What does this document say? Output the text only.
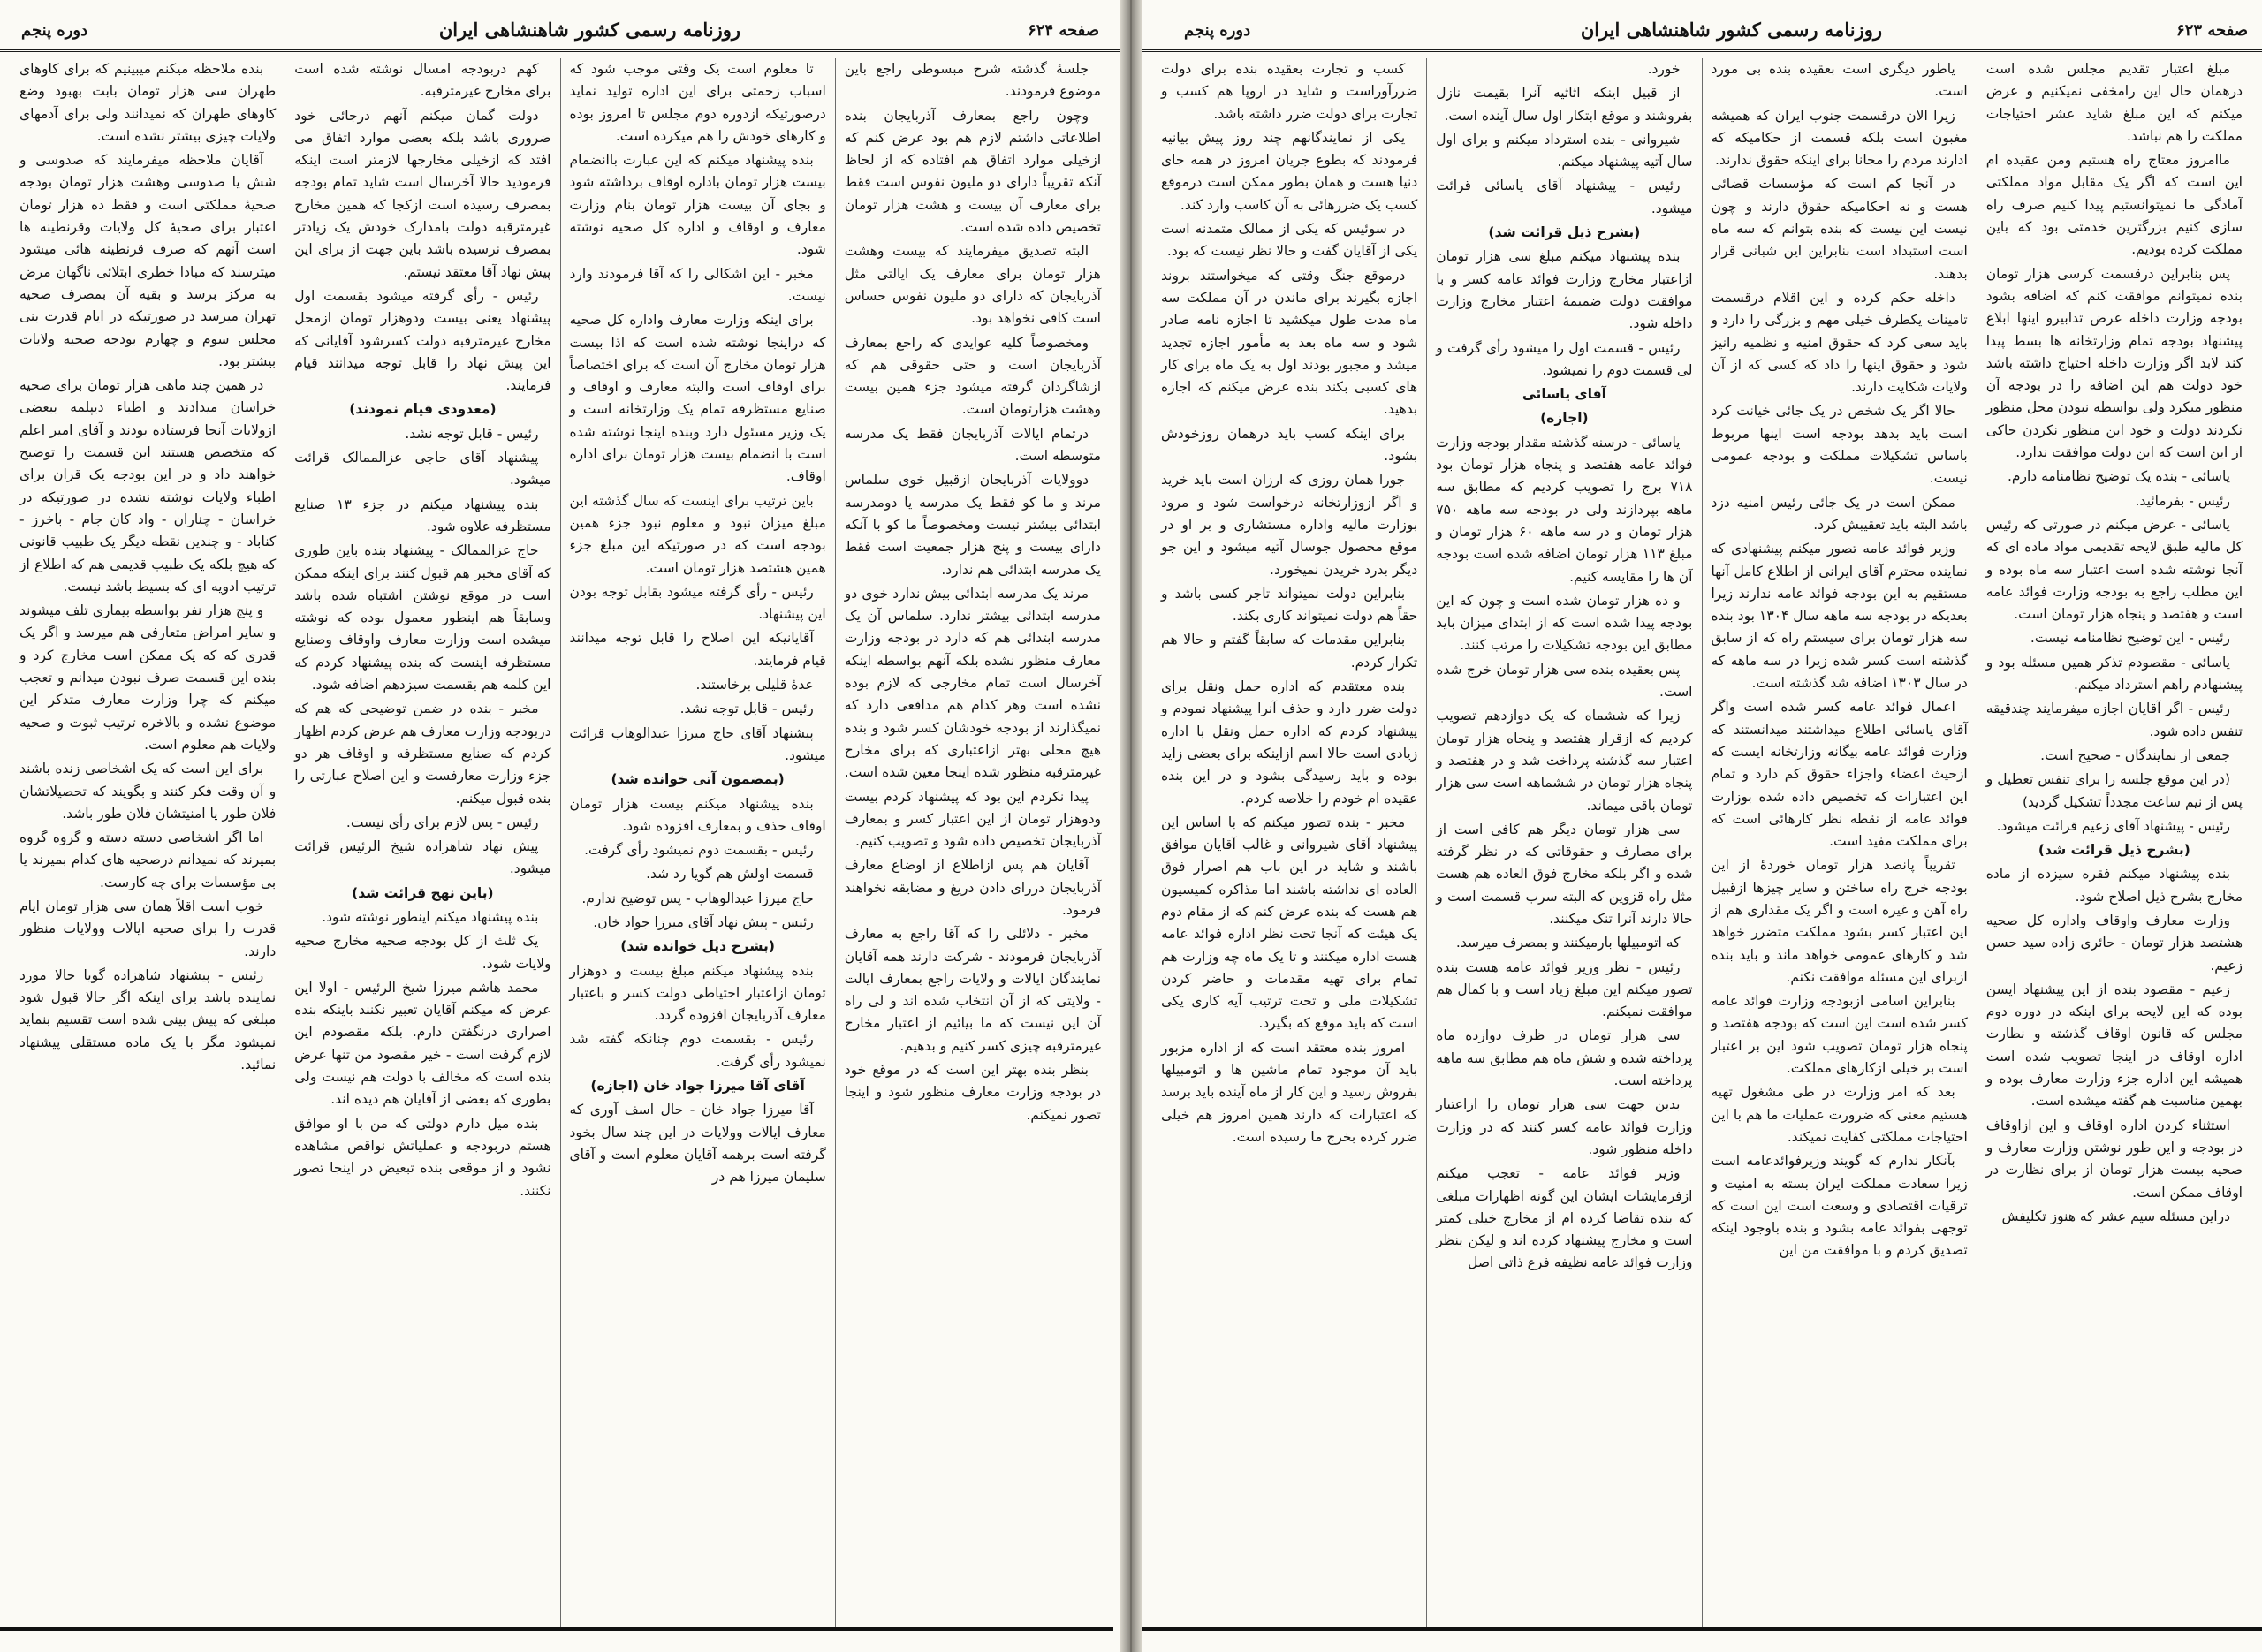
صفحه ۶۲۴
روزنامه رسمی کشور شاهنشاهی ایران
دوره پنجم

جلسهٔ گذشته شرح مبسوطی راجع باین موضوع فرمودند.

وچون راجع بمعارف آذربایجان بنده اطلاعاتی داشتم لازم هم بود عرض کنم که ازخیلی موارد اتفاق هم افتاده که از لحاظ آنکه تقریباً دارای دو ملیون نفوس است فقط برای معارف آن بیست و هشت هزار تومان تخصیص داده شده است.

البته تصدیق میفرمایند که بیست وهشت هزار تومان برای معارف یک ایالتی مثل آذربایجان که دارای دو ملیون نفوس حساس است کافی نخواهد بود.

ومخصوصاً کلیه عوایدی که راجع بمعارف آذربایجان است و حتی حقوقی هم که ازشاگردان گرفته میشود جزء همین بیست وهشت هزارتومان است.

درتمام ایالات آذربایجان فقط یک مدرسه متوسطه است.

دوولایات آذربایجان ازقبیل خوی سلماس مرند و ما کو فقط یک مدرسه یا دومدرسه ابتدائی بیشتر نیست ومخصوصاً ما کو با آنکه دارای بیست و پنج هزار جمعیت است فقط یک مدرسه ابتدائی هم ندارد.

مرند یک مدرسه ابتدائی بیش ندارد خوی دو مدرسه ابتدائی بیشتر ندارد. سلماس آن یک مدرسه ابتدائی هم که دارد در بودجه وزارت معارف منظور نشده بلکه آنهم بواسطه اینکه آخرسال است تمام مخارجی که لازم بوده نشده است وهر کدام هم مدافعی دارد که نمیگذارند از بودجه خودشان کسر شود و بنده هیچ محلی بهتر ازاعتباری که برای مخارج غیرمترقبه منظور شده اینجا معین شده است.

پیدا نکردم این بود که پیشنهاد کردم بیست ودوهزار تومان از این اعتبار کسر و بمعارف آذربایجان تخصیص داده شود و تصویب کنیم.

آقایان هم پس ازاطلاع از اوضاع معارف آذربایجان دررای دادن دریغ و مضایقه نخواهند فرمود.

مخبر - دلائلی را که آقا راجع به معارف آذربایجان فرمودند - شرکت دارند همه آقایان نمایندگان ایالات و ولایات راجع بمعارف ایالت - ولایتی که از آن انتخاب شده اند و لی راه آن این نیست که ما بیائیم از اعتبار مخارج غیرمترقبه چیزی کسر کنیم و بدهیم.

بنظر بنده بهتر این است که در موقع خود در بودجه وزارت معارف منظور شود و اینجا تصور نمیکنم.

تا معلوم است یک وقتی موجب شود که اسباب زحمتی برای این اداره تولید نماید درصورتیکه ازدوره دوم مجلس تا امروز بوده و کارهای خودش را هم میکرده است.

بنده پیشنهاد میکنم که این عبارت باانضمام بیست هزار تومان باداره اوقاف برداشته شود و بجای آن بیست هزار تومان بنام وزارت معارف و اوقاف و اداره کل صحیه نوشته شود.

مخبر - این اشکالی را که آقا فرمودند وارد نیست.

برای اینکه وزارت معارف واداره کل صحیه که دراینجا نوشته شده است که اذا بیست هزار تومان مخارج آن است که برای اختصاصاً برای اوقاف است والبته معارف و اوقاف و صنایع مستظرفه تمام یک وزارتخانه است و یک وزیر مسئول دارد وبنده اینجا نوشته شده است با انضمام بیست هزار تومان برای اداره اوقاف.

باین ترتیب برای اینست که سال گذشته این مبلغ میزان نبود و معلوم نبود جزء همین بودجه است که در صورتیکه این مبلغ جزء همین هشتصد هزار تومان است.

رئیس - رأی گرفته میشود بقابل توجه بودن این پیشنهاد.

آقایانیکه این اصلاح را قابل توجه میدانند قیام فرمایند.

عدهٔ قلیلی برخاستند.

رئیس - قابل توجه نشد.

پیشنهاد آقای حاج میرزا عبدالوهاب قرائت میشود.

(بمضمون آتی خوانده شد)

بنده پیشنهاد میکنم بیست هزار تومان اوقاف حذف و بمعارف افزوده شود.

رئیس - بقسمت دوم نمیشود رأی گرفت.

قسمت اولش هم گویا رد شد.

حاج میرزا عبدالوهاب - پس توضیح ندارم.

رئیس - پیش نهاد آقای میرزا جواد خان.

(بشرح ذیل خوانده شد)

بنده پیشنهاد میکنم مبلغ بیست و دوهزار تومان ازاعتبار احتیاطی دولت کسر و باعتبار معارف آذربایجان افزوده گردد.

رئیس - بقسمت دوم چنانکه گفته شد نمیشود رأی گرفت.

آقای آقا میرزا جواد خان (اجازه)

آقا میرزا جواد خان - حال اسف آوری که معارف ایالات وولایات در این چند سال بخود گرفته است برهمه آقایان معلوم است و آقای سلیمان میرزا هم در

کهم دربودجه امسال نوشته شده است برای مخارج غیرمترقبه.

دولت گمان میکنم آنهم درجائی خود ضروری باشد بلکه بعضی موارد اتفاق می افتد که ازخیلی مخارجها لازمتر است اینکه فرمودید حالا آخرسال است شاید تمام بودجه بمصرف رسیده است ازکجا که همین مخارج غیرمترقبه دولت بامدارک خودش یک زیادتر بمصرف نرسیده باشد باین جهت از برای این پیش نهاد آقا معتقد نیستم.

رئیس - رأی گرفته میشود بقسمت اول پیشنهاد یعنی بیست ودوهزار تومان ازمحل مخارج غیرمترقبه دولت کسرشود آقایانی که این پیش نهاد را قابل توجه میدانند قیام فرمایند.

(معدودی قیام نمودند)

رئیس - قابل توجه نشد.

پیشنهاد آقای حاجی عزالممالک قرائت میشود.

بنده پیشنهاد میکنم در جزء ۱۳ صنایع مستظرفه علاوه شود.

حاج عزالممالک - پیشنهاد بنده باین طوری که آقای مخبر هم قبول کنند برای اینکه ممکن است در موقع نوشتن اشتباه شده باشد وسابقاً هم اینطور معمول بوده که نوشته میشده است وزارت معارف واوقاف وصنایع مستظرفه اینست که بنده پیشنهاد کردم که این کلمه هم بقسمت سیزدهم اضافه شود.

مخبر - بنده در ضمن توضیحی که هم که دربودجه وزارت معارف هم عرض کردم اظهار کردم که صنایع مستظرفه و اوقاف هر دو جزء وزارت معارفست و این اصلاح عبارتی را بنده قبول میکنم.

رئیس - پس لازم برای رأی نیست.

پیش نهاد شاهزاده شیخ الرئیس قرائت میشود.

(باین نهج قرائت شد)

بنده پیشنهاد میکنم اینطور نوشته شود.

یک ثلث از کل بودجه صحیه مخارج صحیه ولایات شود.

محمد هاشم میرزا شیخ الرئیس - اولا این عرض که میکنم آقایان تعبیر نکنند باینکه بنده اصراری درنگفتن دارم. بلکه مقصودم این لازم گرفت است - خیر مقصود من تنها عرض بنده است که مخالف با دولت هم نیست ولی بطوری که بعضی از آقایان هم دیده اند.

بنده میل دارم دولتی که من با او موافق هستم دربودجه و عملیاتش نواقص مشاهده نشود و از موقعی بنده تبعیض در اینجا تصور نکنند.

بنده ملاحظه میکنم میبینیم که برای کاوهای طهران سی هزار تومان بابت بهبود وضع کاوهای طهران که نمیدانند ولی برای آدمهای ولایات چیزی بیشتر نشده است.

آقایان ملاحظه میفرمایند که صدوسی و شش یا صدوسی وهشت هزار تومان بودجه صحیهٔ مملکتی است و فقط ده هزار تومان اعتبار برای صحیهٔ کل ولایات وقرنطینه ها است آنهم که صرف قرنطینه هائی میشود میترسند که مبادا خطری ابتلائی ناگهان مرض به مرکز برسد و بقیه آن بمصرف صحیه تهران میرسد در صورتیکه در ایام قدرت بنی مجلس سوم و چهارم بودجه صحیه ولایات بیشتر بود.

در همین چند ماهی هزار تومان برای صحیه خراسان میدادند و اطباء دیپلمه ببعضی ازولایات آنجا فرستاده بودند و آقای امیر اعلم که متخصص هستند این قسمت را توضیح خواهند داد و در این بودجه یک قران برای اطباء ولایات نوشته نشده در صورتیکه در خراسان - چناران - واد کان جام - باخرز - کناباد - و چندین نقطه دیگر یک طبیب قانونی که هیچ بلکه یک طبیب قدیمی هم که اطلاع از ترتیب ادویه ای که بسیط باشد نیست.

و پنج هزار نفر بواسطه بیماری تلف میشوند و سایر امراض متعارفی هم میرسد و اگر یک قدری که که یک ممکن است مخارج کرد و بنده این قسمت صرف نبودن میدانم و تعجب میکنم که چرا وزارت معارف متذکر این موضوع نشده و بالاخره ترتیب ثبوت و صحیه ولایات هم معلوم است.

برای این است که یک اشخاصی زنده باشند و آن وقت فکر کنند و بگویند که تحصیلاتشان فلان طور یا امنیتشان فلان طور باشد.

اما اگر اشخاصی دسته دسته و گروه گروه بمیرند که نمیدانم درصحیه های کدام بمیرند یا بی مؤسسات برای چه کارست.

خوب است اقلاً همان سی هزار تومان ایام قدرت را برای صحیه ایالات وولایات منظور دارند.

رئیس - پیشنهاد شاهزاده گویا حالا مورد نماینده باشد برای اینکه اگر حالا قبول شود مبلغی که پیش بینی شده است تقسیم بنماید نمیشود مگر با یک ماده مستقلی پیشنهاد نمائید.

صفحه ۶۲۳
روزنامه رسمی کشور شاهنشاهی ایران
دوره پنجم

مبلغ اعتبار تقدیم مجلس شده است درهمان حال این رامخفی نمیکنیم و عرض میکنم که این مبلغ شاید عشر احتیاجات مملکت را هم نباشد.

ماامروز معتاج راه هستیم ومن عقیده ام این است که اگر یک مقابل مواد مملکتی آمادگی ما نمیتوانستیم پیدا کنیم صرف راه سازی کنیم بزرگترین خدمتی بود که باین مملکت کرده بودیم.

پس بنابراین درقسمت کرسی هزار تومان بنده نمیتوانم موافقت کنم که اضافه بشود بودجه وزارت داخله عرض تدابیرو اینها ابلاغ پیشنهاد بودجه تمام وزارتخانه ها بسط پیدا کند لابد اگر وزارت داخله احتیاج داشته باشد خود دولت هم این اضافه را در بودجه آن منظور میکرد ولی بواسطه نبودن محل منظور نکردند دولت و خود این منظور نکردن حاکی از این است که این دولت موافقت ندارد.

یاسائی - بنده یک توضیح نظامنامه دارم.

رئیس - بفرمائید.

یاسائی - عرض میکنم در صورتی که رئیس کل مالیه طبق لایحه تقدیمی مواد ماده ای که آنجا نوشته شده است اعتبار سه ماه بوده و این مطلب راجع به بودجه وزارت فوائد عامه است و هفتصد و پنجاه هزار تومان است.

رئیس - این توضیح نظامنامه نیست.

یاسائی - مقصودم تذکر همین مسئله بود و پیشنهادم راهم استرداد میکنم.

رئیس - اگر آقایان اجازه میفرمایند چندقیقه تنفس داده شود.

جمعی از نمایندگان - صحیح است.

(در این موقع جلسه را برای تنفس تعطیل و پس از نیم ساعت مجدداً تشکیل گردید)

رئیس - پیشنهاد آقای زعیم قرائت میشود.

(بشرح ذیل قرائت شد)

بنده پیشنهاد میکنم فقره سیزده از ماده مخارج بشرح ذیل اصلاح شود.

وزارت معارف واوقاف واداره کل صحیه هشتصد هزار تومان - حائری زاده سید حسن زعیم.

زعیم - مقصود بنده از این پیشنهاد ایسن بوده که این لایحه برای اینکه در دوره دوم مجلس که قانون اوقاف گذشته و نظارت اداره اوقاف در اینجا تصویب شده است همیشه این اداره جزء وزارت معارف بوده و بهمین مناسبت هم گفته میشده است.

استثناء کردن اداره اوقاف و این ازاوقاف در بودجه و این طور نوشتن وزارت معارف و صحیه بیست هزار تومان از برای نظارت در اوقاف ممکن است.

دراین مسئله سیم عشر که هنوز تکلیفش

یاطور دیگری است بعقیده بنده بی مورد است.

زیرا الان درقسمت جنوب ایران که همیشه مغبون است بلکه قسمت از حکامیکه که ادارند مردم را مجانا برای اینکه حقوق ندارند.

در آنجا کم است که مؤسسات قضائی هست و نه احکامیکه حقوق دارند و چون نیست این نیست که بنده بتوانم که سه ماه است استبداد است بنابراین این شبانی قرار بدهند.

داخله حکم کرده و این اقلام درقسمت تامینات یکطرف خیلی مهم و بزرگی را دارد و باید سعی کرد که حقوق امنیه و نظمیه رانیز شود و حقوق اینها را داد که کسی که از آن ولایات شکایت دارند.

حالا اگر یک شخص در یک جائی خیانت کرد است باید بدهد بودجه است اینها مربوط باساس تشکیلات مملکت و بودجه عمومی نیست.

ممکن است در یک جائی رئیس امنیه دزد باشد البته باید تعقیبش کرد.

وزیر فوائد عامه تصور میکنم پیشنهادی که نماینده محترم آقای ایرانی از اطلاع کامل آنها مستقیم به این بودجه فوائد عامه ندارند زیرا بعدیکه در بودجه سه ماهه سال ۱۳۰۴ بود بنده سه هزار تومان برای سیستم راه که از سابق گذشته است کسر شده زیرا در سه ماهه که در سال ۱۳۰۳ اضافه شد گذشته است.

اعمال فوائد عامه کسر شده است واگر آقای یاسائی اطلاع میداشتند میدانستند که وزارت فوائد عامه بیگانه وزارتخانه ایست که ازحیث اعضاء واجزاء حقوق کم دارد و تمام این اعتبارات که تخصیص داده شده بوزارت فوائد عامه از نقطه نظر کارهائی است که برای مملکت مفید است.

تقریباً پانصد هزار تومان خوردهٔ از این بودجه خرج راه ساختن و سایر چیزها ازقبیل راه آهن و غیره است و اگر یک مقداری هم از این اعتبار کسر بشود مملکت متضرر خواهد شد و کارهای عمومی خواهد ماند و باید بنده ازبرای این مسئله موافقت نکنم.

بنابراین اسامی ازبودجه وزارت فوائد عامه کسر شده است این است که بودجه هفتصد و پنجاه هزار تومان تصویب شود این بر اعتبار است بر خیلی ازکارهای مملکت.

بعد که امر وزارت در طی مشغول تهیه هستیم معنی که ضرورت عملیات ما هم با این احتیاجات مملکتی کفایت نمیکند.

بآنکار ندارم که گویند وزیرفوائدعامه است زیرا سعادت مملکت ایران بسته به امنیت و ترقیات اقتصادی و وسعت است این است که توجهی بفوائد عامه بشود و بنده باوجود اینکه تصدیق کردم و با موافقت من این

خورد.

از قبیل اینکه اثاثیه آنرا بقیمت نازل بفروشند و موقع ابتکار اول سال آینده است.

شیروانی - بنده استرداد میکنم و برای اول سال آتیه پیشنهاد میکنم.

رئیس - پیشنهاد آقای یاسائی قرائت میشود.

(بشرح ذیل قرائت شد)

بنده پیشنهاد میکنم مبلغ سی هزار تومان ازاعتبار مخارج وزارت فوائد عامه کسر و با موافقت دولت ضمیمهٔ اعتبار مخارج وزارت داخله شود.

رئیس - قسمت اول را میشود رأی گرفت و لی قسمت دوم را نمیشود.

آقای یاسائی

(اجازه)

یاسائی - درسنه گذشته مقدار بودجه وزارت فوائد عامه هفتصد و پنجاه هزار تومان بود ۷۱۸ برج را تصویب کردیم که مطابق سه ماهه بپردازند ولی در بودجه سه ماهه ۷۵۰ هزار تومان و در سه ماهه ۶۰ هزار تومان و مبلغ ۱۱۳ هزار تومان اضافه شده است بودجه آن ها را مقایسه کنیم.

و ده هزار تومان شده است و چون که این بودجه پیدا شده است که از ابتدای میزان باید مطابق این بودجه تشکیلات را مرتب کنند.

پس بعقیده بنده سی هزار تومان خرج شده است.

زیرا که ششماه که یک دوازدهم تصویب کردیم که ازقرار هفتصد و پنجاه هزار تومان اعتبار سه گذشته پرداخت شد و در هفتصد و پنجاه هزار تومان در ششماهه است سی هزار تومان باقی میماند.

سی هزار تومان دیگر هم کافی است از برای مصارف و حقوقاتی که در نظر گرفته شده و اگر بلکه مخارج فوق العاده هم هست مثل راه قزوین که البته سرب قسمت است و حالا دارند آنرا تنک میکنند.

که اتومبیلها بارمیکنند و بمصرف میرسد.

رئیس - نظر وزیر فوائد عامه هست بنده تصور میکنم این مبلغ زیاد است و با کمال هم موافقت نمیکنم.

سی هزار تومان در ظرف دوازده ماه پرداخته شده و شش ماه هم مطابق سه ماهه پرداخته است.

بدین جهت سی هزار تومان را ازاعتبار وزارت فوائد عامه کسر کنند که در وزارت داخله منظور شود.

وزیر فوائد عامه - تعجب میکنم ازفرمایشات ایشان این گونه اظهارات مبلغی که بنده تقاضا کرده ام از مخارج خیلی کمتر است و مخارج پیشنهاد کرده اند و لیکن بنظر وزارت فوائد عامه نظیفه فرع ذاتی اصل

کسب و تجارت بعقیده بنده برای دولت ضررآوراست و شاید در اروپا هم کسب و تجارت برای دولت ضرر داشته باشد.

یکی از نمایندگانهم چند روز پیش بیانیه فرمودند که بطوع جریان امروز در همه جای دنیا هست و همان بطور ممکن است درموقع کسب یک ضررهائی به آن کاسب وارد کند.

در سوئیس که یکی از ممالک متمدنه است یکی از آقایان گفت و حالا نظر نیست که بود.

درموقع جنگ وقتی که میخواستند بروند اجازه بگیرند برای ماندن در آن مملکت سه ماه مدت طول میکشید تا اجازه نامه صادر شود و سه ماه بعد به مأمور اجازه تجدید میشد و مجبور بودند اول به یک ماه برای کار های کسبی بکند بنده عرض میکنم که اجازه بدهید.

برای اینکه کسب باید درهمان روزخودش بشود.

جورا همان روزی که ارزان است باید خرید و اگر ازوزارتخانه درخواست شود و مرود بوزارت مالیه واداره مستشاری و بر او در موقع محصول جوسال آتیه میشود و این جو دیگر بدرد خریدن نمیخورد.

بنابراین دولت نمیتواند تاجر کسی باشد و حقاً هم دولت نمیتواند کاری بکند.

بنابراین مقدمات که سابقاً گفتم و حالا هم تکرار کردم.

بنده معتقدم که اداره حمل ونقل برای دولت ضرر دارد و حذف آنرا پیشنهاد نمودم و پیشنهاد کردم که اداره حمل ونقل با اداره زیادی است حالا اسم ازاینکه برای بعضی زاید بوده و باید رسیدگی بشود و در این بنده عقیده ام خودم را خلاصه کردم.

مخبر - بنده تصور میکنم که با اساس این پیشنهاد آقای شیروانی و غالب آقایان موافق باشند و شاید در این باب هم اصرار فوق العاده ای نداشته باشند اما مذاکره کمیسیون هم هست که بنده عرض کنم که از مقام دوم یک هیئت که آنجا تحت نظر اداره فوائد عامه هست اداره میکنند و تا یک ماه چه وزارت هم تمام برای تهیه مقدمات و حاضر کردن تشکیلات ملی و تحت ترتیب آیه کاری یکی است که باید موقع که بگیرد.

امروز بنده معتقد است که از اداره مزبور باید آن موجود تمام ماشین ها و اتومبیلها بفروش رسید و این کار از ماه آینده باید برسد که اعتبارات که دارند همین امروز هم خیلی ضرر کرده بخرج ما رسیده است.
